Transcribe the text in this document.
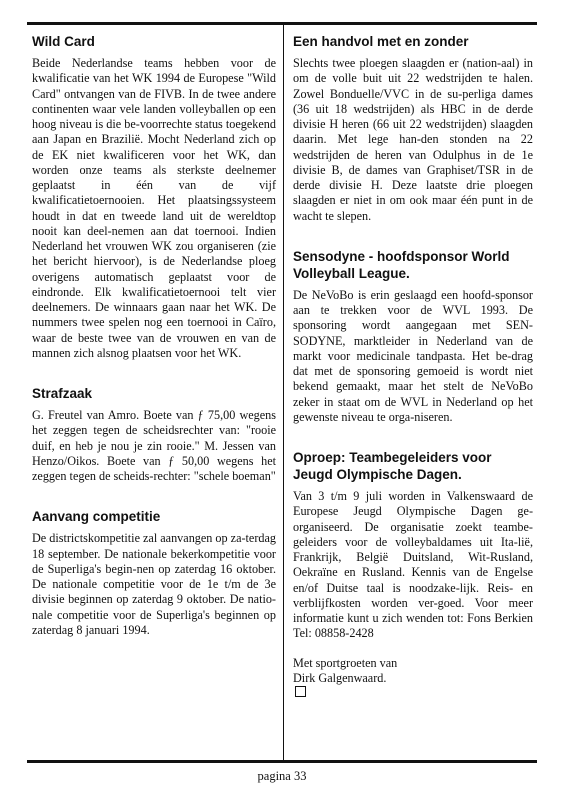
Wild Card

Beide Nederlandse teams hebben voor de kwalificatie van het WK 1994 de Europese "Wild Card" ontvangen van de FIVB. In de twee andere continenten waar vele landen volleyballen op een hoog niveau is die be-voorrechte status toegekend aan Japan en Brazilië. Mocht Nederland zich op de EK niet kwalificeren voor het WK, dan worden onze teams als sterkste deelnemer geplaatst in één van de vijf kwalificatietoernooien. Het plaatsingssysteem houdt in dat en tweede land uit de wereldtop nooit kan deel-nemen aan dat toernooi. Indien Nederland het vrouwen WK zou organiseren (zie het bericht hiervoor), is de Nederlandse ploeg overigens automatisch geplaatst voor de eindronde. Elk kwalificatietoernooi telt vier deelnemers. De winnaars gaan naar het WK. De nummers twee spelen nog een toernooi in Caïro, waar de beste twee van de vrouwen en van de mannen zich alsnog plaatsen voor het WK.

Strafzaak

G. Freutel van Amro. Boete van ƒ 75,00 wegens het zeggen tegen de scheidsrechter van: "rooie duif, en heb je nou je zin rooie." M. Jessen van Henzo/Oikos. Boete van ƒ 50,00 wegens het zeggen tegen de scheids-rechter: "schele boeman"

Aanvang competitie

De districtskompetitie zal aanvangen op za-terdag 18 september. De nationale bekerkompetitie voor de Superliga's begin-nen op zaterdag 16 oktober. De nationale competitie voor de 1e t/m de 3e divisie beginnen op zaterdag 9 oktober. De natio-nale competitie voor de Superliga's beginnen op zaterdag 8 januari 1994.

Een handvol met en zonder

Slechts twee ploegen slaagden er (nation-aal) in om de volle buit uit 22 wedstrijden te halen. Zowel Bonduelle/VVC in de su-perliga dames (36 uit 18 wedstrijden) als HBC in de derde divisie H heren (66 uit 22 wedstrijden) slaagden daarin. Met lege han-den stonden na 22 wedstrijden de heren van Odulphus in de 1e divisie B, de dames van Graphiset/TSR in de derde divisie H. Deze laatste drie ploegen slaagden er niet in om ook maar één punt in de wacht te slepen.

Sensodyne - hoofdsponsor World Volleyball League.

De NeVoBo is erin geslaagd een hoofd-sponsor aan te trekken voor de WVL 1993. De sponsoring wordt aangegaan met SEN-SODYNE, marktleider in Nederland van de markt voor medicinale tandpasta. Het be-drag dat met de sponsoring gemoeid is wordt niet bekend gemaakt, maar het stelt de NeVoBo zeker in staat om de WVL in Nederland op het gewenste niveau te orga-niseren.

Oproep: Teambegeleiders voor Jeugd Olympische Dagen.

Van 3 t/m 9 juli worden in Valkenswaard de Europese Jeugd Olympische Dagen ge-organiseerd. De organisatie zoekt teambe-geleiders voor de volleybaldames uit Ita-lië, Frankrijk, België Duitsland, Wit-Rusland, Oekraïne en Rusland. Kennis van de Engelse en/of Duitse taal is noodzake-lijk. Reis- en verblijfkosten worden ver-goed. Voor meer informatie kunt u zich wenden tot: Fons Berkien Tel: 08858-2428

Met sportgroeten van
Dirk Galgenwaard.
pagina 33
